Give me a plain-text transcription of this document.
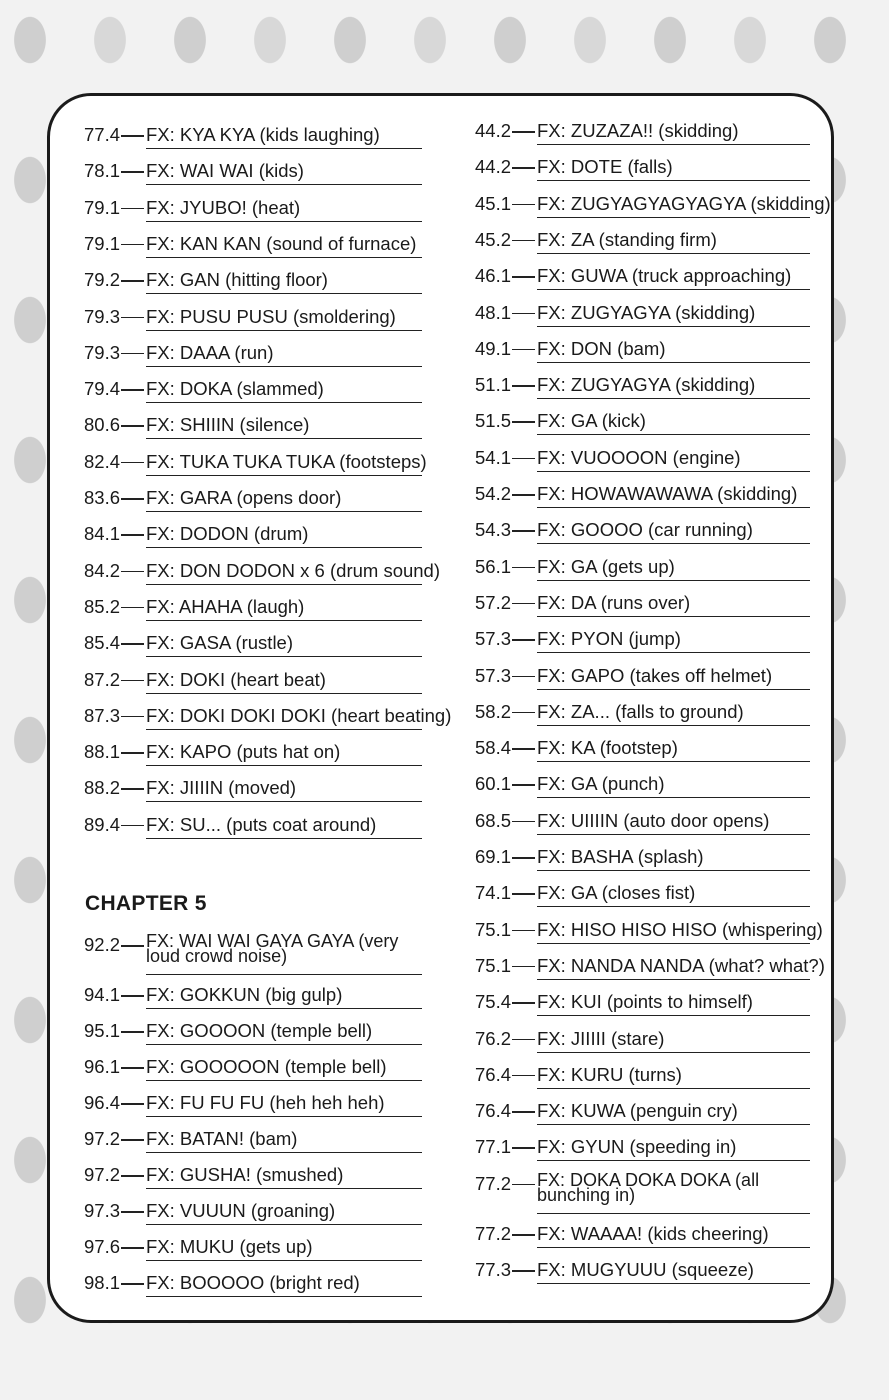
77.4 FX: KYA KYA (kids laughing)
78.1 FX: WAI WAI (kids)
79.1 FX: JYUBO! (heat)
79.1 FX: KAN KAN (sound of furnace)
79.2 FX: GAN (hitting floor)
79.3 FX: PUSU PUSU (smoldering)
79.3 FX: DAAA (run)
79.4 FX: DOKA (slammed)
80.6 FX: SHIIIN (silence)
82.4 FX: TUKA TUKA TUKA (footsteps)
83.6 FX: GARA (opens door)
84.1 FX: DODON (drum)
84.2 FX: DON DODON x 6 (drum sound)
85.2 FX: AHAHA (laugh)
85.4 FX: GASA (rustle)
87.2 FX: DOKI (heart beat)
87.3 FX: DOKI DOKI DOKI (heart beating)
88.1 FX: KAPO (puts hat on)
88.2 FX: JIIIIN (moved)
89.4 FX: SU... (puts coat around)
CHAPTER 5
92.2 FX: WAI WAI GAYA GAYA (very loud crowd noise)
94.1 FX: GOKKUN (big gulp)
95.1 FX: GOOOON (temple bell)
96.1 FX: GOOOOON (temple bell)
96.4 FX: FU FU FU (heh heh heh)
97.2 FX: BATAN! (bam)
97.2 FX: GUSHA! (smushed)
97.3 FX: VUUUN (groaning)
97.6 FX: MUKU (gets up)
98.1 FX: BOOOOO (bright red)
44.2 FX: ZUZAZA!! (skidding)
44.2 FX: DOTE (falls)
45.1 FX: ZUGYAGYAGYAGYA (skidding)
45.2 FX: ZA (standing firm)
46.1 FX: GUWA (truck approaching)
48.1 FX: ZUGYAGYA (skidding)
49.1 FX: DON (bam)
51.1 FX: ZUGYAGYA (skidding)
51.5 FX: GA (kick)
54.1 FX: VUOOOON (engine)
54.2 FX: HOWAWAWAWA (skidding)
54.3 FX: GOOOO (car running)
56.1 FX: GA (gets up)
57.2 FX: DA (runs over)
57.3 FX: PYON (jump)
57.3 FX: GAPO (takes off helmet)
58.2 FX: ZA... (falls to ground)
58.4 FX: KA (footstep)
60.1 FX: GA (punch)
68.5 FX: UIIIIN (auto door opens)
69.1 FX: BASHA (splash)
74.1 FX: GA (closes fist)
75.1 FX: HISO HISO HISO (whispering)
75.1 FX: NANDA NANDA (what? what?)
75.4 FX: KUI (points to himself)
76.2 FX: JIIIII (stare)
76.4 FX: KURU (turns)
76.4 FX: KUWA (penguin cry)
77.1 FX: GYUN (speeding in)
77.2 FX: DOKA DOKA DOKA (all bunching in)
77.2 FX: WAAAA! (kids cheering)
77.3 FX: MUGYUUU (squeeze)
